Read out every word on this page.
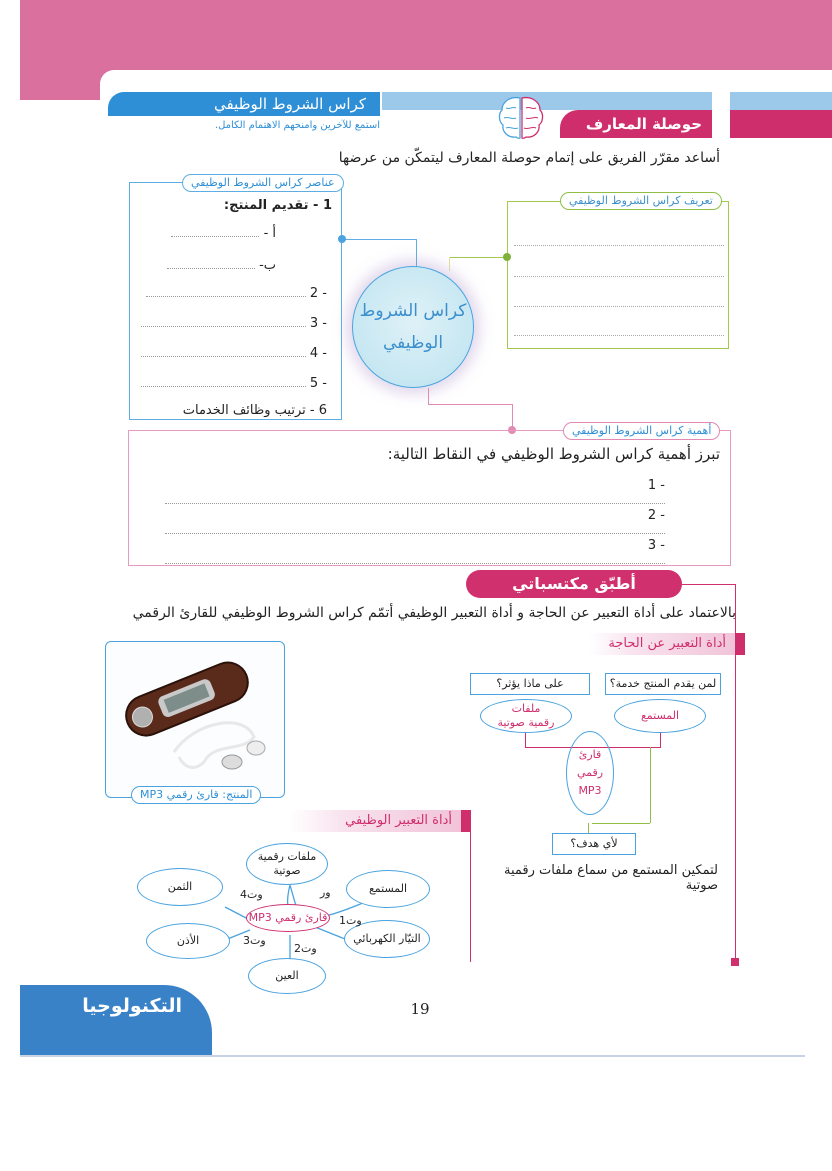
كراس الشروط الوظيفي
حوصلة المعارف
استمع للآخرين وامنحهم الاهتمام الكامل.
أساعد مقرّر الفريق على إتمام حوصلة المعارف ليتمكّن من عرضها
عناصر كراس الشروط الوظيفي
1 - تقديم المنتج:
أ -
ب-
- 2
- 3
- 4
- 5
6 - ترتيب وظائف الخدمات
تعريف كراس الشروط الوظيفي
كراس الشروط
الوظيفي
أهمية كراس الشروط الوظيفي
تبرز أهمية كراس الشروط الوظيفي في النقاط التالية:
- 1
- 2
- 3
أطبّق مكتسباتي
بالاعتماد على أداة التعبير عن الحاجة و أداة التعبير الوظيفي أتمّم كراس الشروط الوظيفي للقارئ الرقمي
أداة التعبير عن الحاجة
لمن يقدم المنتج خدمة؟
على ماذا يؤثر؟
المستمع
ملفات رقمية صوتية
قارئ
رقمي
MP3
لأي هدف؟
لتمكين المستمع من سماع ملفات رقمية صوتية
المنتج: قارئ رقمي MP3
أداة التعبير الوظيفي
ملفات رقمية صوتية
المستمع
التيّار الكهربائي
العين
الأذن
الثمن
قارئ رقمي MP3
ور
وت1
وت2
وت3
وت4
التكنولوجيا	19
